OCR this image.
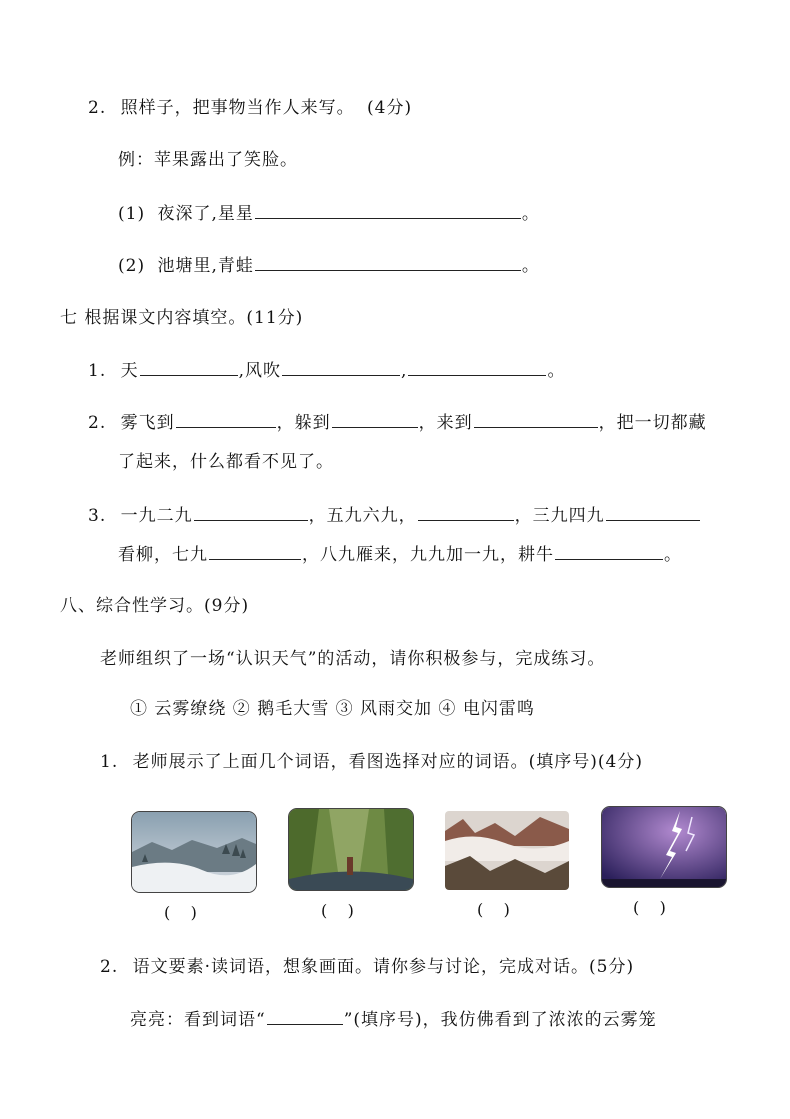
2. 照样子，把事物当作人来写。 (4分)
例：苹果露出了笑脸。
(1) 夜深了,星星	。
(2) 池塘里,青蛙	。
七 根据课文内容填空。(11分)
1. 天	,风吹	,	。
2. 雾飞到	，躲到	，来到	，把一切都藏
了起来，什么都看不见了。
3. 一九二九	，五九六九，	，三九四九
看柳，七九	，八九雁来，九九加一九，耕牛	。
八、综合性学习。(9分)
老师组织了一场“认识天气”的活动，请你积极参与，完成练习。
① 云雾缭绕 ② 鹅毛大雪 ③ 风雨交加 ④ 电闪雷鸣
1. 老师展示了上面几个词语，看图选择对应的词语。(填序号)(4分)
(    )	(    )	(    )	(    )
2. 语文要素·读词语，想象画面。请你参与讨论，完成对话。(5分)
亮亮：看到词语“	”(填序号)，我仿佛看到了浓浓的云雾笼
